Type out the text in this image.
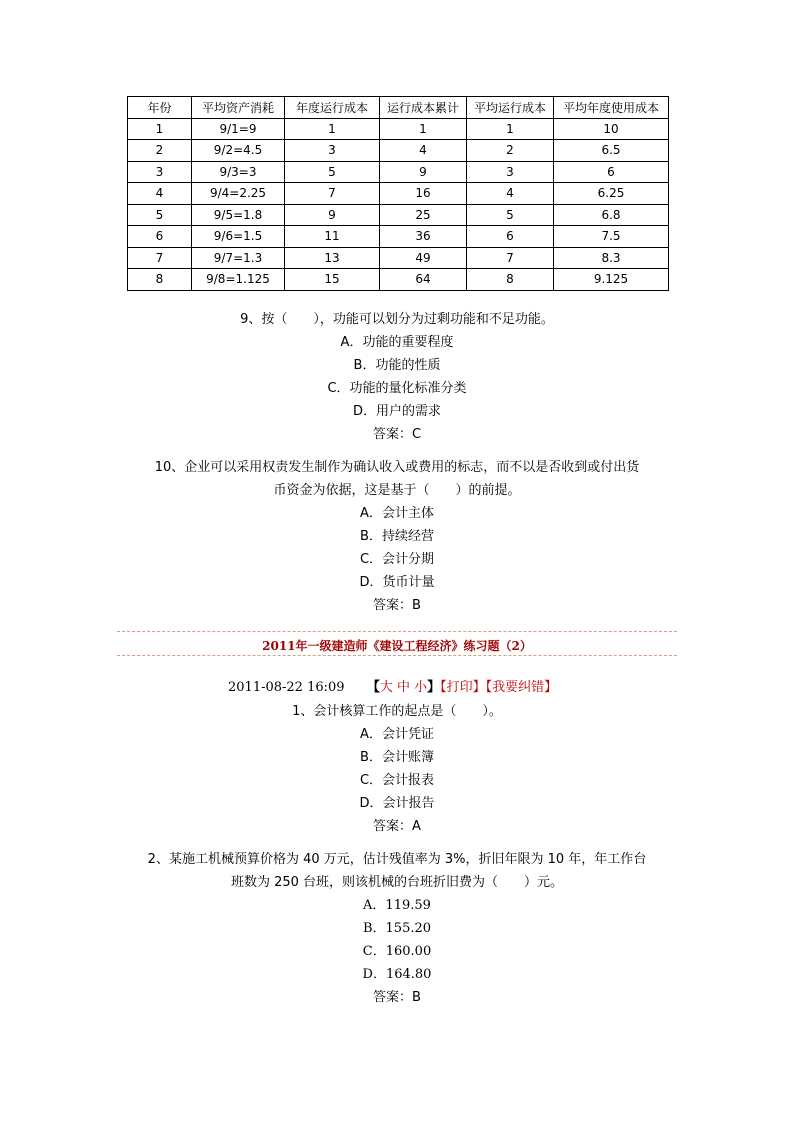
年份	平均资产消耗	年度运行成本	运行成本累计	平均运行成本	平均年度使用成本
1	9/1=9	1	1	1	10
2	9/2=4.5	3	4	2	6.5
3	9/3=3	5	9	3	6
4	9/4=2.25	7	16	4	6.25
5	9/5=1.8	9	25	5	6.8
6	9/6=1.5	11	36	6	7.5
7	9/7=1.3	13	49	7	8.3
8	9/8=1.125	15	64	8	9.125
9、按（　　），功能可以划分为过剩功能和不足功能。
A．功能的重要程度
B．功能的性质
C．功能的量化标准分类
D．用户的需求
答案：C
10、企业可以采用权责发生制作为确认收入或费用的标志，而不以是否收到或付出货
币资金为依据，这是基于（　　）的前提。
A．会计主体
B．持续经营
C．会计分期
D．货币计量
答案：B
2011年一级建造师《建设工程经济》练习题（2）
2011-08-22 16:09 【大 中 小】【打印】【我要纠错】
1、会计核算工作的起点是（　　）。
A．会计凭证
B．会计账簿
C．会计报表
D．会计报告
答案：A
2、某施工机械预算价格为 40 万元，估计残值率为 3%，折旧年限为 10 年，年工作台
班数为 250 台班，则该机械的台班折旧费为（　　）元。
A．119.59
B．155.20
C．160.00
D．164.80
答案：B
